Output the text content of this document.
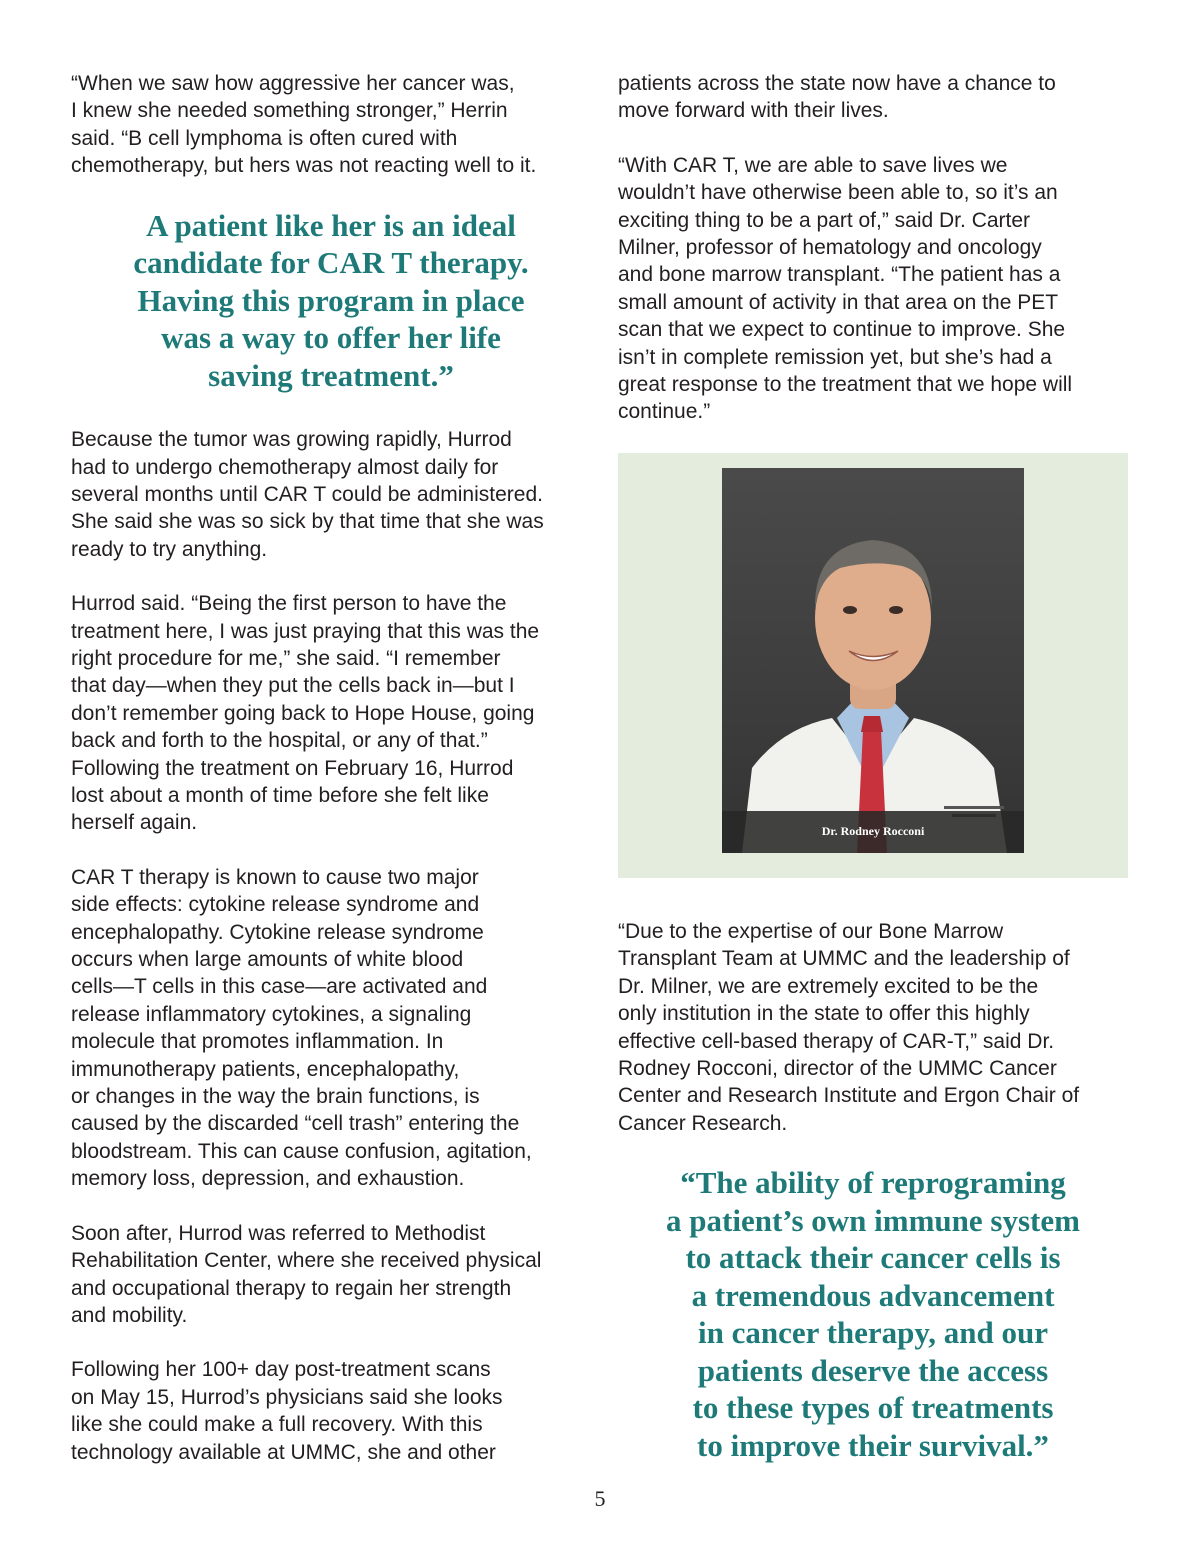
“When we saw how aggressive her cancer was,
I knew she needed something stronger,” Herrin
said. “B cell lymphoma is often cured with
chemotherapy, but hers was not reacting well to it.

A patient like her is an ideal
candidate for CAR T therapy.
Having this program in place
was a way to offer her life
saving treatment.”

Because the tumor was growing rapidly, Hurrod
had to undergo chemotherapy almost daily for
several months until CAR T could be administered.
She said she was so sick by that time that she was
ready to try anything.

Hurrod said. “Being the first person to have the
treatment here, I was just praying that this was the
right procedure for me,” she said. “I remember
that day—when they put the cells back in—but I
don’t remember going back to Hope House, going
back and forth to the hospital, or any of that.”
Following the treatment on February 16, Hurrod
lost about a month of time before she felt like
herself again.

CAR T therapy is known to cause two major
side effects: cytokine release syndrome and
encephalopathy. Cytokine release syndrome
occurs when large amounts of white blood
cells—T cells in this case—are activated and
release inflammatory cytokines, a signaling
molecule that promotes inflammation. In
immunotherapy patients, encephalopathy,
or changes in the way the brain functions, is
caused by the discarded “cell trash” entering the
bloodstream. This can cause confusion, agitation,
memory loss, depression, and exhaustion.

Soon after, Hurrod was referred to Methodist
Rehabilitation Center, where she received physical
and occupational therapy to regain her strength
and mobility.

Following her 100+ day post-treatment scans
on May 15, Hurrod’s physicians said she looks
like she could make a full recovery. With this
technology available at UMMC, she and other

patients across the state now have a chance to
move forward with their lives.

“With CAR T, we are able to save lives we
wouldn’t have otherwise been able to, so it’s an
exciting thing to be a part of,” said Dr. Carter
Milner, professor of hematology and oncology
and bone marrow transplant. “The patient has a
small amount of activity in that area on the PET
scan that we expect to continue to improve. She
isn’t in complete remission yet, but she’s had a
great response to the treatment that we hope will
continue.”

Dr. Rodney Rocconi

“Due to the expertise of our Bone Marrow
Transplant Team at UMMC and the leadership of
Dr. Milner, we are extremely excited to be the
only institution in the state to offer this highly
effective cell-based therapy of CAR-T,” said Dr.
Rodney Rocconi, director of the UMMC Cancer
Center and Research Institute and Ergon Chair of
Cancer Research.

“The ability of reprograming
a patient’s own immune system
to attack their cancer cells is
a tremendous advancement
in cancer therapy, and our
patients deserve the access
to these types of treatments
to improve their survival.”

5
